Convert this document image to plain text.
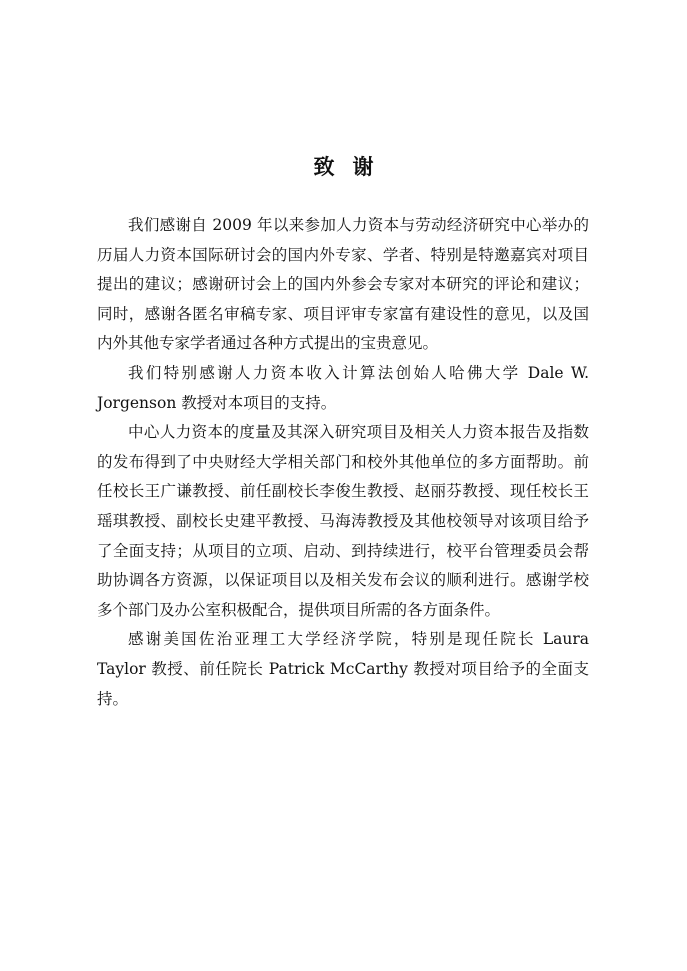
致 谢

我们感谢自 2009 年以来参加人力资本与劳动经济研究中心举办的历届人力资本国际研讨会的国内外专家、学者、特别是特邀嘉宾对项目提出的建议；感谢研讨会上的国内外参会专家对本研究的评论和建议；同时，感谢各匿名审稿专家、项目评审专家富有建设性的意见，以及国内外其他专家学者通过各种方式提出的宝贵意见。

我们特别感谢人力资本收入计算法创始人哈佛大学 Dale W. Jorgenson 教授对本项目的支持。

中心人力资本的度量及其深入研究项目及相关人力资本报告及指数的发布得到了中央财经大学相关部门和校外其他单位的多方面帮助。前任校长王广谦教授、前任副校长李俊生教授、赵丽芬教授、现任校长王瑶琪教授、副校长史建平教授、马海涛教授及其他校领导对该项目给予了全面支持；从项目的立项、启动、到持续进行，校平台管理委员会帮助协调各方资源，以保证项目以及相关发布会议的顺利进行。感谢学校多个部门及办公室积极配合，提供项目所需的各方面条件。

感谢美国佐治亚理工大学经济学院，特别是现任院长 Laura Taylor 教授、前任院长 Patrick McCarthy 教授对项目给予的全面支持。
